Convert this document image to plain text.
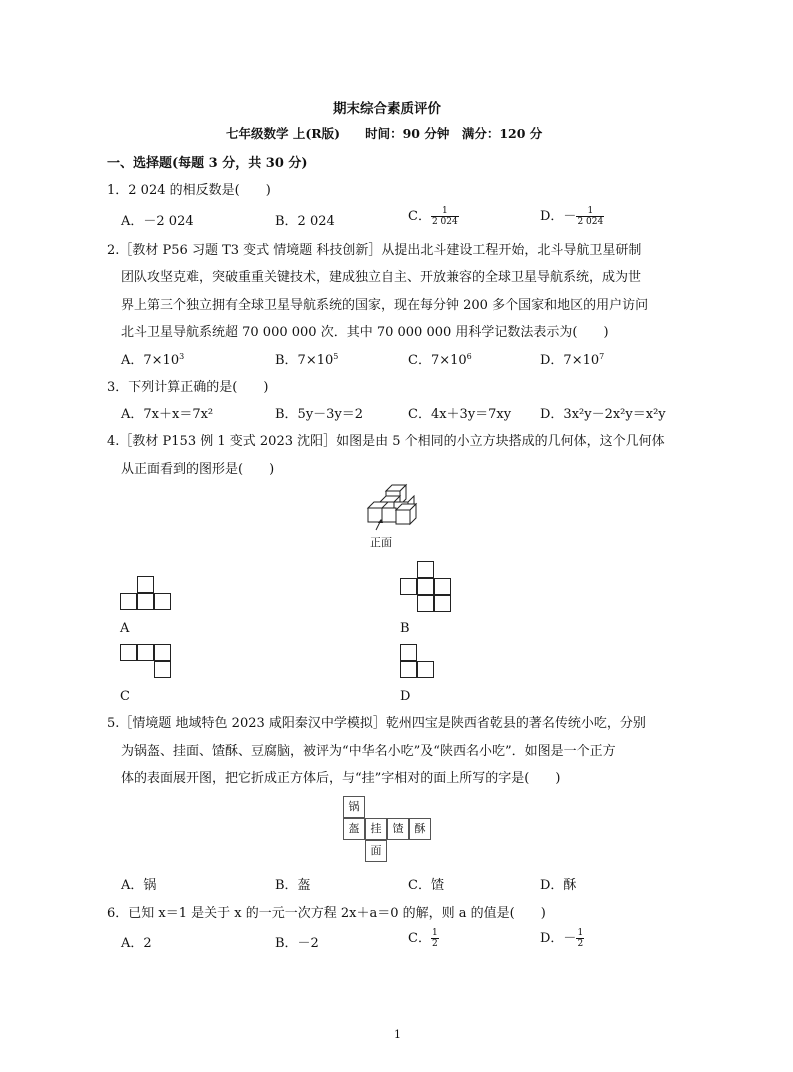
期末综合素质评价
七年级数学 上(R版)　　时间：90 分钟　满分：120 分
一、选择题(每题 3 分，共 30 分)
1．2 024 的相反数是(　　)
A．－2 024	B．2 024	C． $\frac{1}{2 024}$	D．－ $\frac{1}{2 024}$
2.［教材 P56 习题 T3 变式 情境题 科技创新］从提出北斗建设工程开始，北斗导航卫星研制
团队攻坚克难，突破重重关键技术，建成独立自主、开放兼容的全球卫星导航系统，成为世
界上第三个独立拥有全球卫星导航系统的国家，现在每分钟 200 多个国家和地区的用户访问
北斗卫星导航系统超 70 000 000 次．其中 70 000 000 用科学记数法表示为(　　)
A．$7\times 10^3$	B．$7\times 10^5$	C．$7\times 10^6$	D．$7\times 10^7$
3．下列计算正确的是(　　)
A．7x＋x＝7x²	B．5y－3y＝2	C．4x＋3y＝7xy D．3x²y－2x²y＝x²y
4.［教材 P153 例 1 变式 2023 沈阳］如图是由 5 个相同的小立方块搭成的几何体，这个几何体
从正面看到的图形是(　　)
正面
A	B
C	D
5.［情境题 地域特色 2023 咸阳秦汉中学模拟］乾州四宝是陕西省乾县的著名传统小吃，分别
为锅盔、挂面、馇酥、豆腐脑，被评为“中华名小吃”及“陕西名小吃”．如图是一个正方
体的表面展开图，把它折成正方体后，与“挂”字相对的面上所写的字是(　　)
锅
盔	挂	馇	酥
面
A．锅	B．盔	C．馇	D．酥
6．已知 x＝1 是关于 x 的一元一次方程 2x＋a＝0 的解，则 a 的值是(　　)
A．2	B．－2	C． $\frac{1}{2}$	D．－ $\frac{1}{2}$
1
